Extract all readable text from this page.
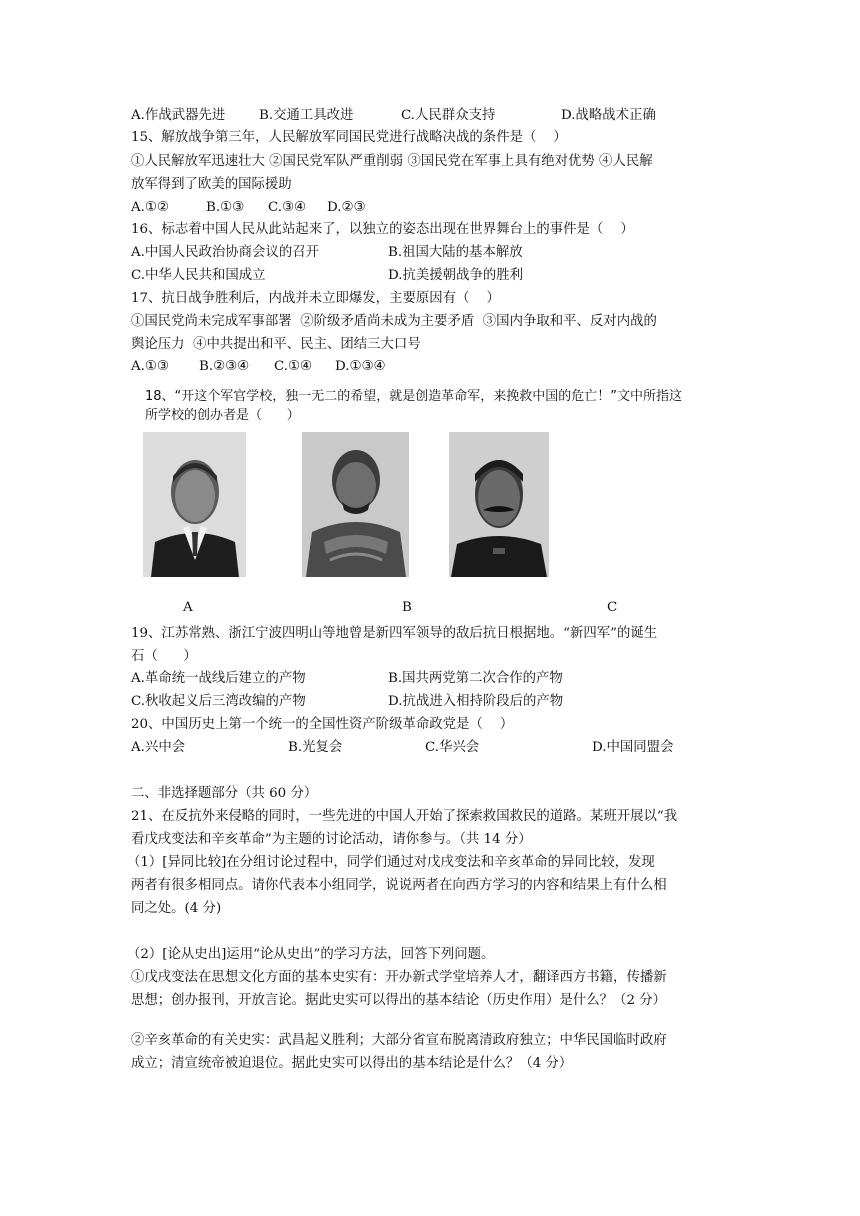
A.作战武器先进	B.交通工具改进	C.人民群众支持	D.战略战术正确
15、解放战争第三年，人民解放军同国民党进行战略决战的条件是（    ）
①人民解放军迅速壮大 ②国民党军队严重削弱 ③国民党在军事上具有绝对优势 ④人民解
放军得到了欧美的国际援助
A.①②	B.①③ C.③④ D.②③
16、标志着中国人民从此站起来了，以独立的姿态出现在世界舞台上的事件是（    ）
A.中国人民政治协商会议的召开	B.祖国大陆的基本解放
C.中华人民共和国成立	D.抗美援朝战争的胜利
17、抗日战争胜利后，内战并未立即爆发，主要原因有（    ）
①国民党尚未完成军事部署  ②阶级矛盾尚未成为主要矛盾  ③国内争取和平、反对内战的
舆论压力  ④中共提出和平、民主、团结三大口号
A.①③ B.②③④ C.①④ D.①③④
18、“开这个军官学校，独一无二的希望，就是创造革命军，来挽救中国的危亡！”文中所指这
所学校的创办者是（      ）
A	B	C
19、江苏常熟、浙江宁波四明山等地曾是新四军领导的敌后抗日根据地。“新四军”的诞生
石（      ）
A.革命统一战线后建立的产物	B.国共两党第二次合作的产物
C.秋收起义后三湾改编的产物	D.抗战进入相持阶段后的产物
20、中国历史上第一个统一的全国性资产阶级革命政党是（    ）
A.兴中会	B.光复会	C.华兴会	D.中国同盟会
二、非选择题部分（共 60 分）
21、在反抗外来侵略的同时，一些先进的中国人开始了探索救国救民的道路。某班开展以“我
看戊戌变法和辛亥革命”为主题的讨论活动，请你参与。（共 14 分）
（1）[异同比较]在分组讨论过程中，同学们通过对戊戌变法和辛亥革命的异同比较，发现
两者有很多相同点。请你代表本小组同学，说说两者在向西方学习的内容和结果上有什么相
同之处。(4 分)
（2）[论从史出]运用“论从史出”的学习方法，回答下列问题。
①戊戌变法在思想文化方面的基本史实有：开办新式学堂培养人才，翻译西方书籍，传播新
思想；创办报刊，开放言论。据此史实可以得出的基本结论（历史作用）是什么？（2 分）
②辛亥革命的有关史实：武昌起义胜利；大部分省宣布脱离清政府独立；中华民国临时政府
成立；清宣统帝被迫退位。据此史实可以得出的基本结论是什么？（4 分）
